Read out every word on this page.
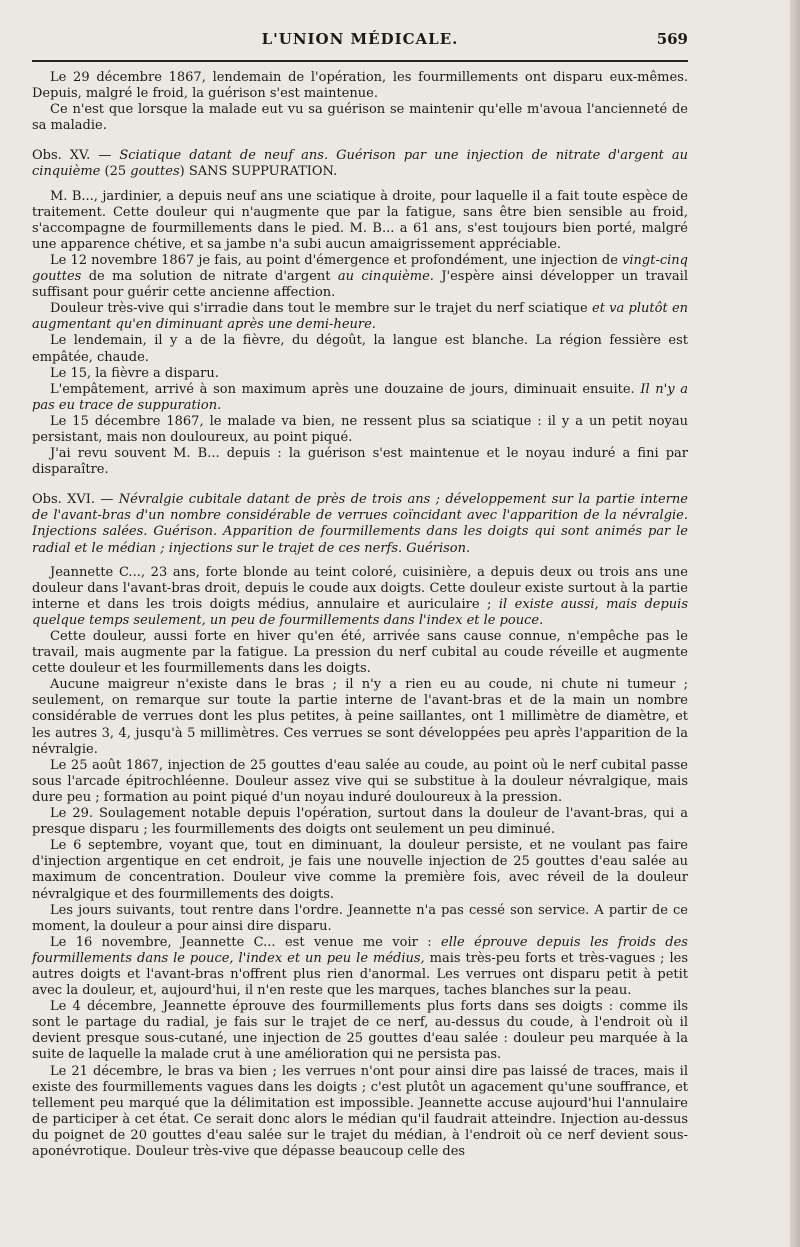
L'UNION MÉDICALE.	569

Le 29 décembre 1867, lendemain de l'opération, les fourmillements ont disparu eux-mêmes. Depuis, malgré le froid, la guérison s'est maintenue.

Ce n'est que lorsque la malade eut vu sa guérison se maintenir qu'elle m'avoua l'ancienneté de sa maladie.

Obs. XV. — Sciatique datant de neuf ans. Guérison par une injection de nitrate d'argent au cinquième (25 gouttes) SANS SUPPURATION.

M. B..., jardinier, a depuis neuf ans une sciatique à droite, pour laquelle il a fait toute espèce de traitement. Cette douleur qui n'augmente que par la fatigue, sans être bien sensible au froid, s'accompagne de fourmillements dans le pied. M. B... a 61 ans, s'est toujours bien porté, malgré une apparence chétive, et sa jambe n'a subi aucun amaigrissement appréciable.

Le 12 novembre 1867 je fais, au point d'émergence et profondément, une injection de vingt-cinq gouttes de ma solution de nitrate d'argent au cinquième. J'espère ainsi développer un travail suffisant pour guérir cette ancienne affection.

Douleur très-vive qui s'irradie dans tout le membre sur le trajet du nerf sciatique et va plutôt en augmentant qu'en diminuant après une demi-heure.

Le lendemain, il y a de la fièvre, du dégoût, la langue est blanche. La région fessière est empâtée, chaude.

Le 15, la fièvre a disparu.

L'empâtement, arrivé à son maximum après une douzaine de jours, diminuait ensuite. Il n'y a pas eu trace de suppuration.

Le 15 décembre 1867, le malade va bien, ne ressent plus sa sciatique : il y a un petit noyau persistant, mais non douloureux, au point piqué.

J'ai revu souvent M. B... depuis : la guérison s'est maintenue et le noyau induré a fini par disparaître.

Obs. XVI. — Névralgie cubitale datant de près de trois ans ; développement sur la partie interne de l'avant-bras d'un nombre considérable de verrues coïncidant avec l'apparition de la névralgie. Injections salées. Guérison. Apparition de fourmillements dans les doigts qui sont animés par le radial et le médian ; injections sur le trajet de ces nerfs. Guérison.

Jeannette C..., 23 ans, forte blonde au teint coloré, cuisinière, a depuis deux ou trois ans une douleur dans l'avant-bras droit, depuis le coude aux doigts. Cette douleur existe surtout à la partie interne et dans les trois doigts médius, annulaire et auriculaire ; il existe aussi, mais depuis quelque temps seulement, un peu de fourmillements dans l'index et le pouce.

Cette douleur, aussi forte en hiver qu'en été, arrivée sans cause connue, n'empêche pas le travail, mais augmente par la fatigue. La pression du nerf cubital au coude réveille et augmente cette douleur et les fourmillements dans les doigts.

Aucune maigreur n'existe dans le bras ; il n'y a rien eu au coude, ni chute ni tumeur ; seulement, on remarque sur toute la partie interne de l'avant-bras et de la main un nombre considérable de verrues dont les plus petites, à peine saillantes, ont 1 millimètre de diamètre, et les autres 3, 4, jusqu'à 5 millimètres. Ces verrues se sont développées peu après l'apparition de la névralgie.

Le 25 août 1867, injection de 25 gouttes d'eau salée au coude, au point où le nerf cubital passe sous l'arcade épitrochléenne. Douleur assez vive qui se substitue à la douleur névralgique, mais dure peu ; formation au point piqué d'un noyau induré douloureux à la pression.

Le 29. Soulagement notable depuis l'opération, surtout dans la douleur de l'avant-bras, qui a presque disparu ; les fourmillements des doigts ont seulement un peu diminué.

Le 6 septembre, voyant que, tout en diminuant, la douleur persiste, et ne voulant pas faire d'injection argentique en cet endroit, je fais une nouvelle injection de 25 gouttes d'eau salée au maximum de concentration. Douleur vive comme la première fois, avec réveil de la douleur névralgique et des fourmillements des doigts.

Les jours suivants, tout rentre dans l'ordre. Jeannette n'a pas cessé son service. A partir de ce moment, la douleur a pour ainsi dire disparu.

Le 16 novembre, Jeannette C... est venue me voir : elle éprouve depuis les froids des fourmillements dans le pouce, l'index et un peu le médius, mais très-peu forts et très-vagues ; les autres doigts et l'avant-bras n'offrent plus rien d'anormal. Les verrues ont disparu petit à petit avec la douleur, et, aujourd'hui, il n'en reste que les marques, taches blanches sur la peau.

Le 4 décembre, Jeannette éprouve des fourmillements plus forts dans ses doigts : comme ils sont le partage du radial, je fais sur le trajet de ce nerf, au-dessus du coude, à l'endroit où il devient presque sous-cutané, une injection de 25 gouttes d'eau salée : douleur peu marquée à la suite de laquelle la malade crut à une amélioration qui ne persista pas.

Le 21 décembre, le bras va bien ; les verrues n'ont pour ainsi dire pas laissé de traces, mais il existe des fourmillements vagues dans les doigts ; c'est plutôt un agacement qu'une souffrance, et tellement peu marqué que la délimitation est impossible. Jeannette accuse aujourd'hui l'annulaire de participer à cet état. Ce serait donc alors le médian qu'il faudrait atteindre. Injection au-dessus du poignet de 20 gouttes d'eau salée sur le trajet du médian, à l'endroit où ce nerf devient sous-aponévrotique. Douleur très-vive que dépasse beaucoup celle des
